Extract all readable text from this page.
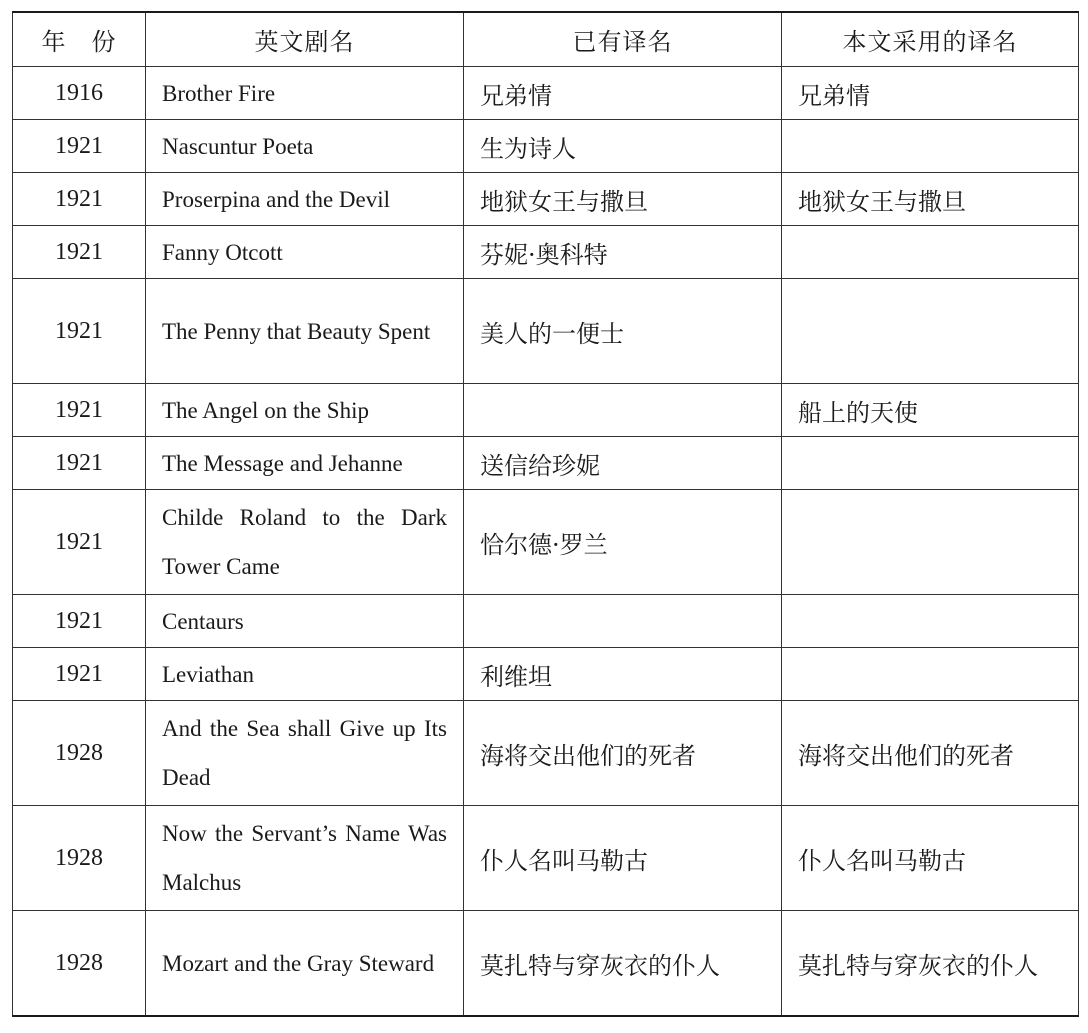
年　份	英文剧名	已有译名	本文采用的译名
1916	Brother Fire	兄弟情	兄弟情
1921	Nascuntur Poeta	生为诗人	
1921	Proserpina and the Devil	地狱女王与撒旦	地狱女王与撒旦
1921	Fanny Otcott	芬妮·奥科特	
1921	The Penny that Beauty Spent	美人的一便士	
1921	The Angel on the Ship		船上的天使
1921	The Message and Jehanne	送信给珍妮	
1921	Childe Roland to the Dark Tower Came	恰尔德·罗兰	
1921	Centaurs		
1921	Leviathan	利维坦	
1928	And the Sea shall Give up Its Dead	海将交出他们的死者	海将交出他们的死者
1928	Now the Servant’s Name Was Malchus	仆人名叫马勒古	仆人名叫马勒古
1928	Mozart and the Gray Steward	莫扎特与穿灰衣的仆人	莫扎特与穿灰衣的仆人
